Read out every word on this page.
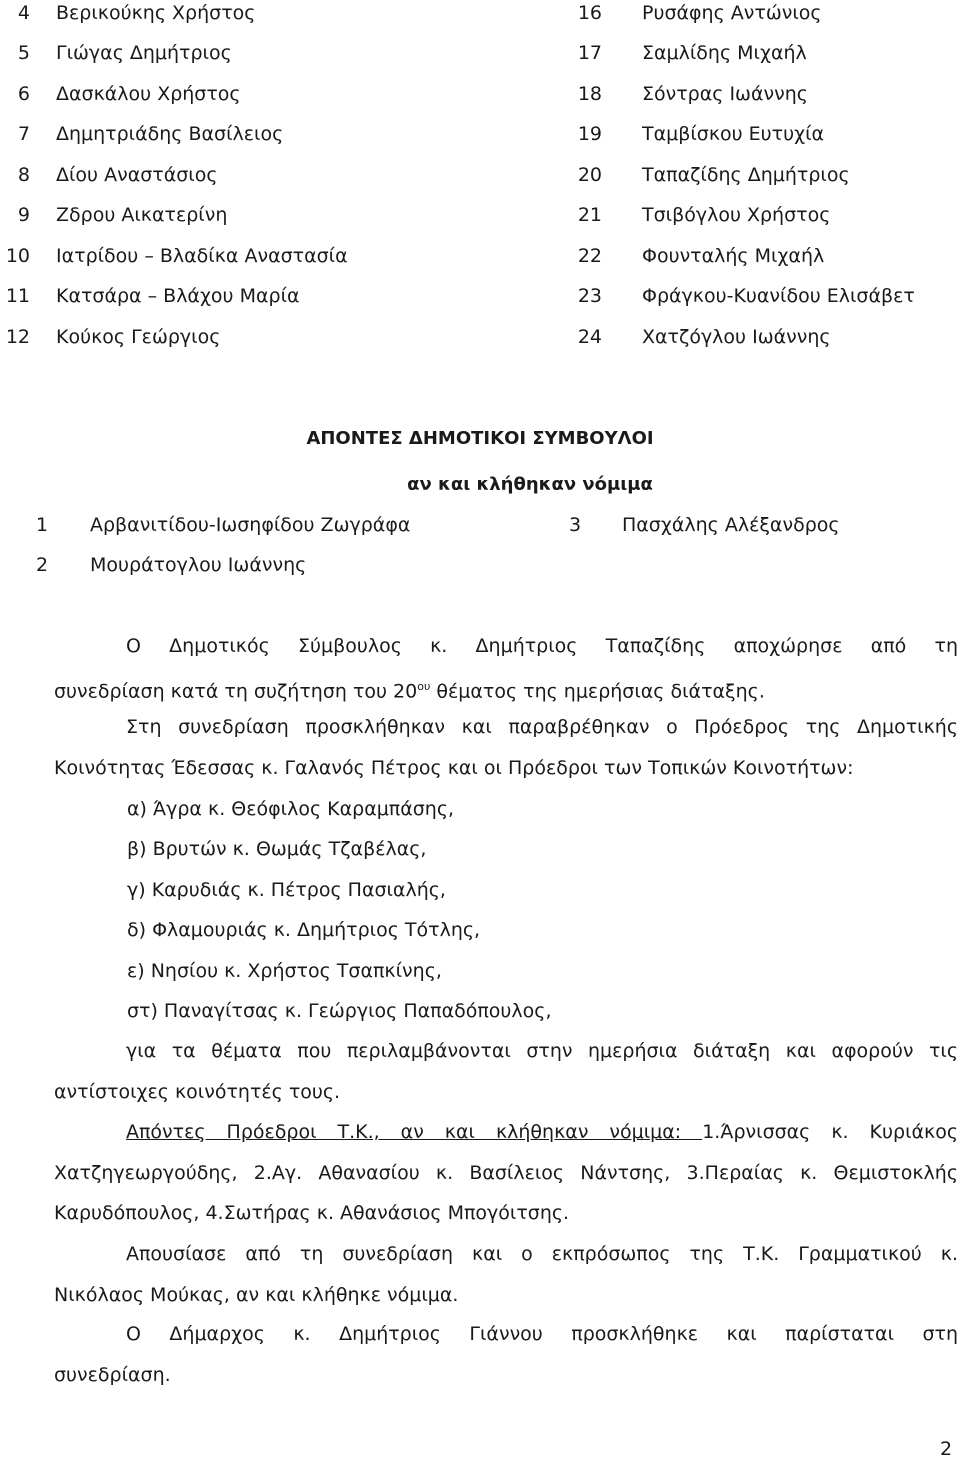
4 Βερικούκης Χρήστος
5 Γιώγας Δημήτριος
6 Δασκάλου Χρήστος
7 Δημητριάδης Βασίλειος
8 Δίου Αναστάσιος
9 Ζδρου Αικατερίνη
10 Ιατρίδου – Βλαδίκα Αναστασία
11 Κατσάρα – Βλάχου Μαρία
12 Κούκος Γεώργιος
16 Ρυσάφης Αντώνιος
17 Σαμλίδης Μιχαήλ
18 Σόντρας Ιωάννης
19 Ταμβίσκου Ευτυχία
20 Ταπαζίδης Δημήτριος
21 Τσιβόγλου Χρήστος
22 Φουνταλής Μιχαήλ
23 Φράγκου-Κυανίδου Ελισάβετ
24 Χατζόγλου Ιωάννης
ΑΠΟΝΤΕΣ ΔΗΜΟΤΙΚΟΙ ΣΥΜΒΟΥΛΟΙ
αν και κλήθηκαν νόμιμα
1 Αρβανιτίδου-Ιωσηφίδου Ζωγράφα	3 Πασχάλης Αλέξανδρος
2 Μουράτογλου Ιωάννης
Ο Δημοτικός Σύμβουλος κ. Δημήτριος Ταπαζίδης αποχώρησε από τη
συνεδρίαση κατά τη συζήτηση του $20^{o\upsilon}$ θέματος της ημερήσιας διάταξης.
Στη συνεδρίαση προσκλήθηκαν και παραβρέθηκαν ο Πρόεδρος της Δημοτικής
Κοινότητας Έδεσσας κ. Γαλανός Πέτρος και οι Πρόεδροι των Τοπικών Κοινοτήτων:
α) Άγρα κ. Θεόφιλος Καραμπάσης,
β) Βρυτών κ. Θωμάς Τζαβέλας,
γ) Καρυδιάς κ. Πέτρος Πασιαλής,
δ) Φλαμουριάς κ. Δημήτριος Τότλης,
ε) Νησίου κ. Χρήστος Τσαπκίνης,
στ) Παναγίτσας κ. Γεώργιος Παπαδόπουλος,
για τα θέματα που περιλαμβάνονται στην ημερήσια διάταξη και αφορούν τις
αντίστοιχες κοινότητές τους.
Απόντες Πρόεδροι Τ.Κ., αν και κλήθηκαν νόμιμα: 1.Άρνισσας κ. Κυριάκος
Χατζηγεωργούδης, 2.Αγ. Αθανασίου κ. Βασίλειος Νάντσης, 3.Περαίας κ. Θεμιστοκλής
Καρυδόπουλος, 4.Σωτήρας κ. Αθανάσιος Μπογόιτσης.
Απουσίασε από τη συνεδρίαση και ο εκπρόσωπος της Τ.Κ. Γραμματικού κ.
Νικόλαος Μούκας, αν και κλήθηκε νόμιμα.
Ο Δήμαρχος κ. Δημήτριος Γιάννου προσκλήθηκε και παρίσταται στη
συνεδρίαση.
2
